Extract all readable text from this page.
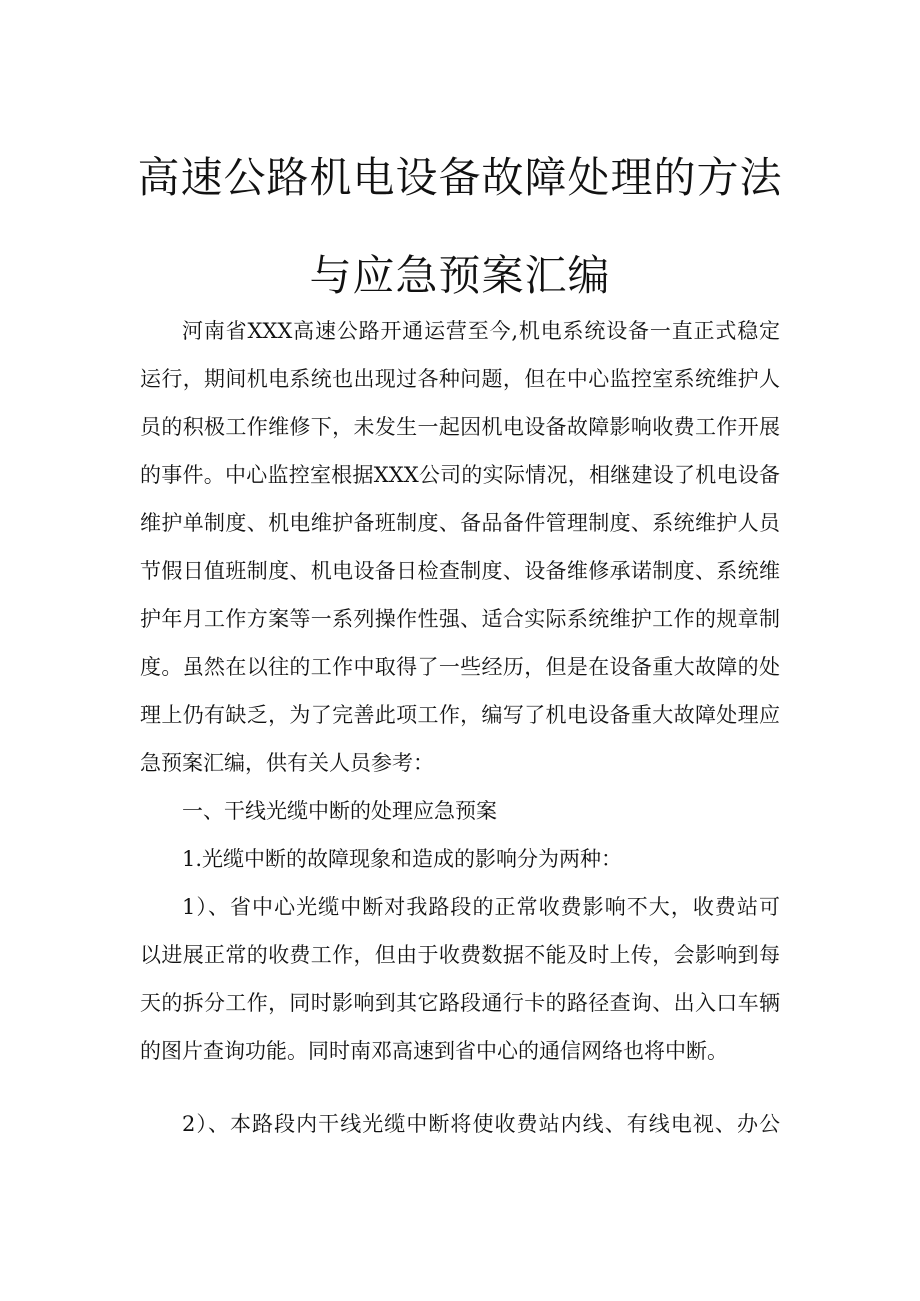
高速公路机电设备故障处理的方法
与应急预案汇编
河南省XXX高速公路开通运营至今,机电系统设备一直正式稳定
运行，期间机电系统也出现过各种问题，但在中心监控室系统维护人
员的积极工作维修下，未发生一起因机电设备故障影响收费工作开展
的事件。中心监控室根据XXX公司的实际情况，相继建设了机电设备
维护单制度、机电维护备班制度、备品备件管理制度、系统维护人员
节假日值班制度、机电设备日检查制度、设备维修承诺制度、系统维
护年月工作方案等一系列操作性强、适合实际系统维护工作的规章制
度。虽然在以往的工作中取得了一些经历，但是在设备重大故障的处
理上仍有缺乏，为了完善此项工作，编写了机电设备重大故障处理应
急预案汇编，供有关人员参考：
一、干线光缆中断的处理应急预案
1.光缆中断的故障现象和造成的影响分为两种：
1）、省中心光缆中断对我路段的正常收费影响不大，收费站可
以进展正常的收费工作，但由于收费数据不能及时上传，会影响到每
天的拆分工作，同时影响到其它路段通行卡的路径查询、出入口车辆
的图片查询功能。同时南邓高速到省中心的通信网络也将中断。
2）、本路段内干线光缆中断将使收费站内线、有线电视、办公
